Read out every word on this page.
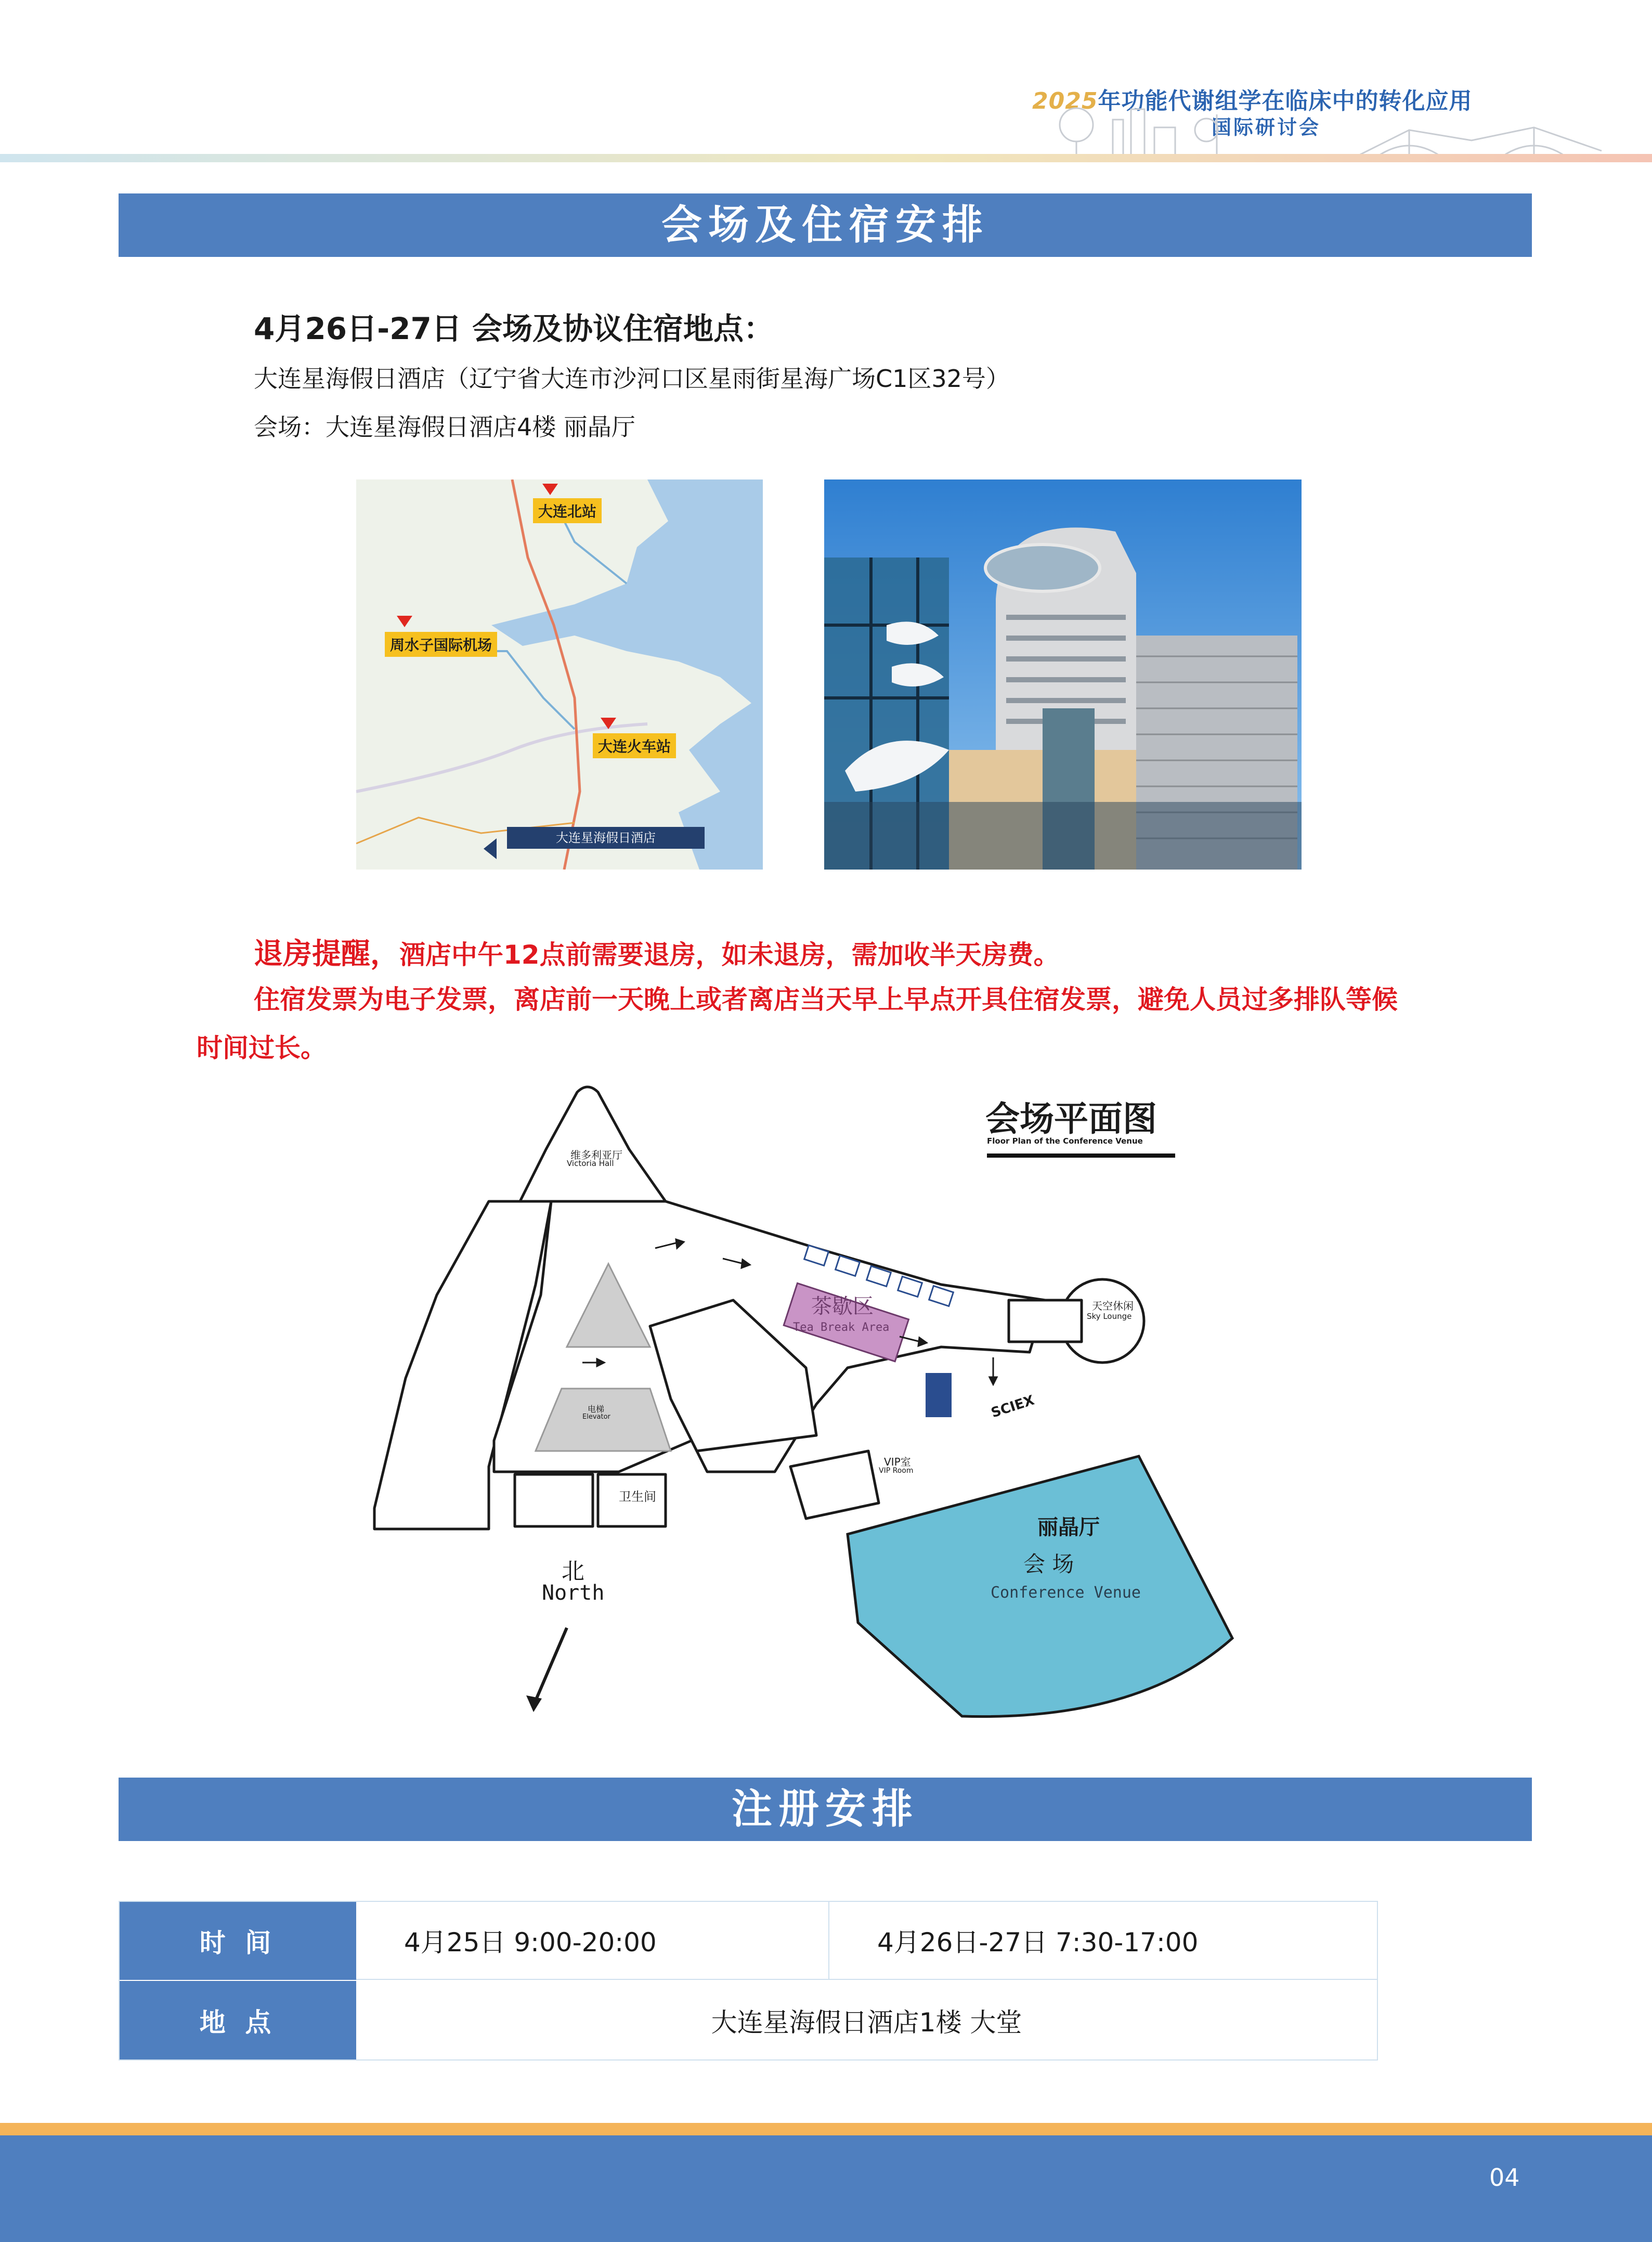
2025年功能代谢组学在临床中的转化应用
国际研讨会
会场及住宿安排
4月26日-27日 会场及协议住宿地点：
大连星海假日酒店（辽宁省大连市沙河口区星雨街星海广场C1区32号）
会场：大连星海假日酒店4楼 丽晶厅
大连北站
周水子国际机场
大连火车站
大连星海假日酒店
退房提醒，酒店中午12点前需要退房，如未退房，需加收半天房费。
住宿发票为电子发票，离店前一天晚上或者离店当天早上早点开具住宿发票，避免人员过多排队等候
时间过长。
会场平面图
Floor Plan of the Conference Venue
丽晶厅
会 场
Conference Venue
茶歇区
Tea Break Area
SCIEX
卫生间
VIP室
VIP Room
维多利亚厅
Victoria Hall
电梯
Elevator
天空休闲
Sky Lounge
北
North
注册安排
时 间
地 点
4月25日 9:00-20:00	4月26日-27日 7:30-17:00
大连星海假日酒店1楼 大堂
04
